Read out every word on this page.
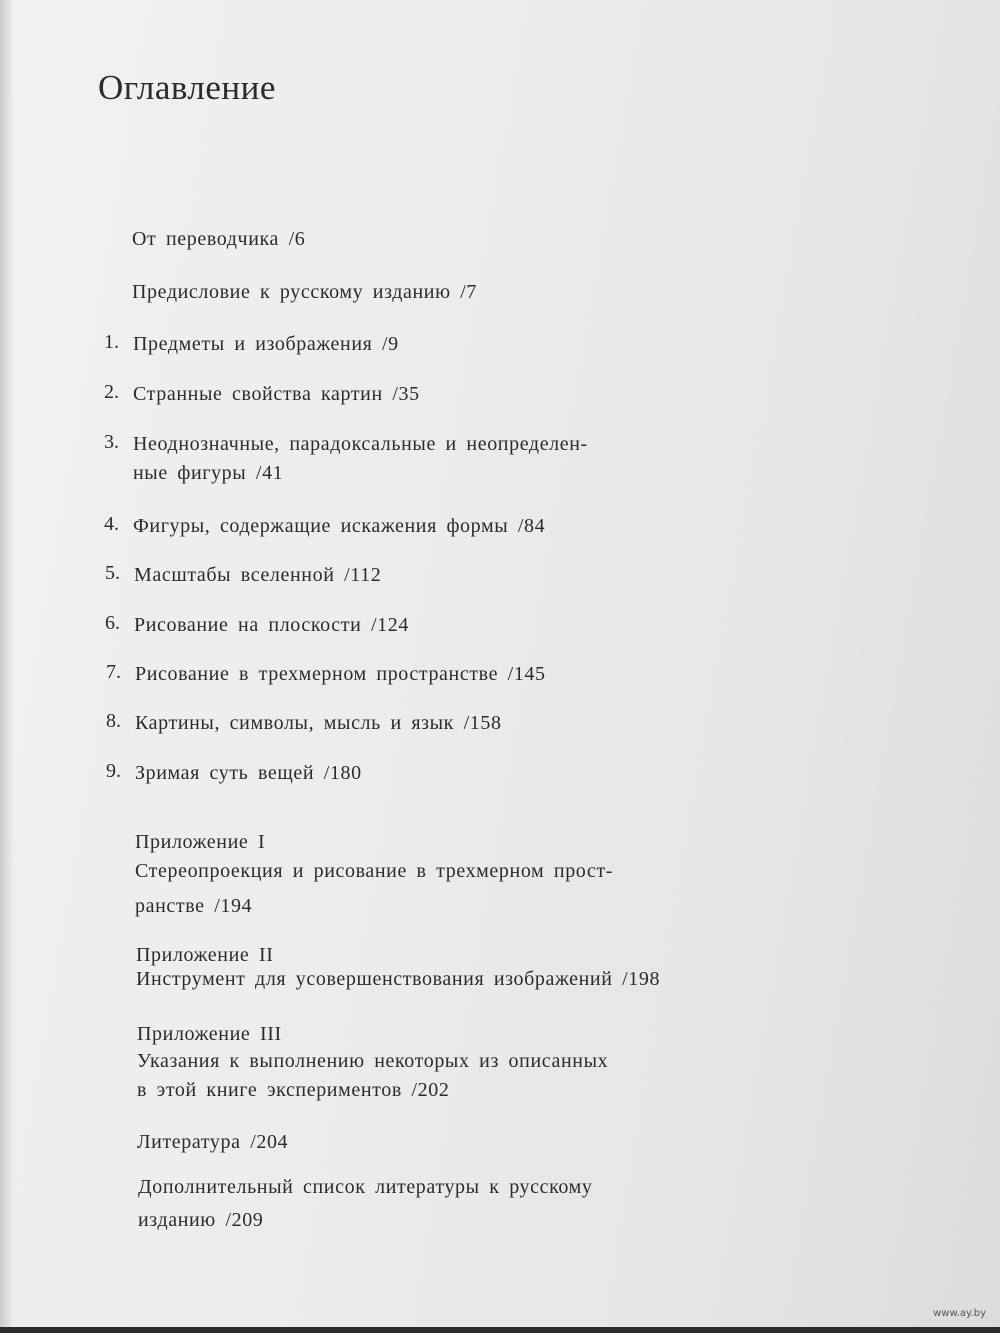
Оглавление
От переводчика /6
Предисловие к русскому изданию /7
1. Предметы и изображения /9
2. Странные свойства картин /35
3. Неоднозначные, парадоксальные и неопределен-
ные фигуры /41
4. Фигуры, содержащие искажения формы /84
5. Масштабы вселенной /112
6. Рисование на плоскости /124
7. Рисование в трехмерном пространстве /145
8. Картины, символы, мысль и язык /158
9. Зримая суть вещей /180
Приложение I
Стереопроекция и рисование в трехмерном прост-
ранстве /194
Приложение II
Инструмент для усовершенствования изображений /198
Приложение III
Указания к выполнению некоторых из описанных
в этой книге экспериментов /202
Литература /204
Дополнительный список литературы к русскому
изданию /209
www.ay.by
